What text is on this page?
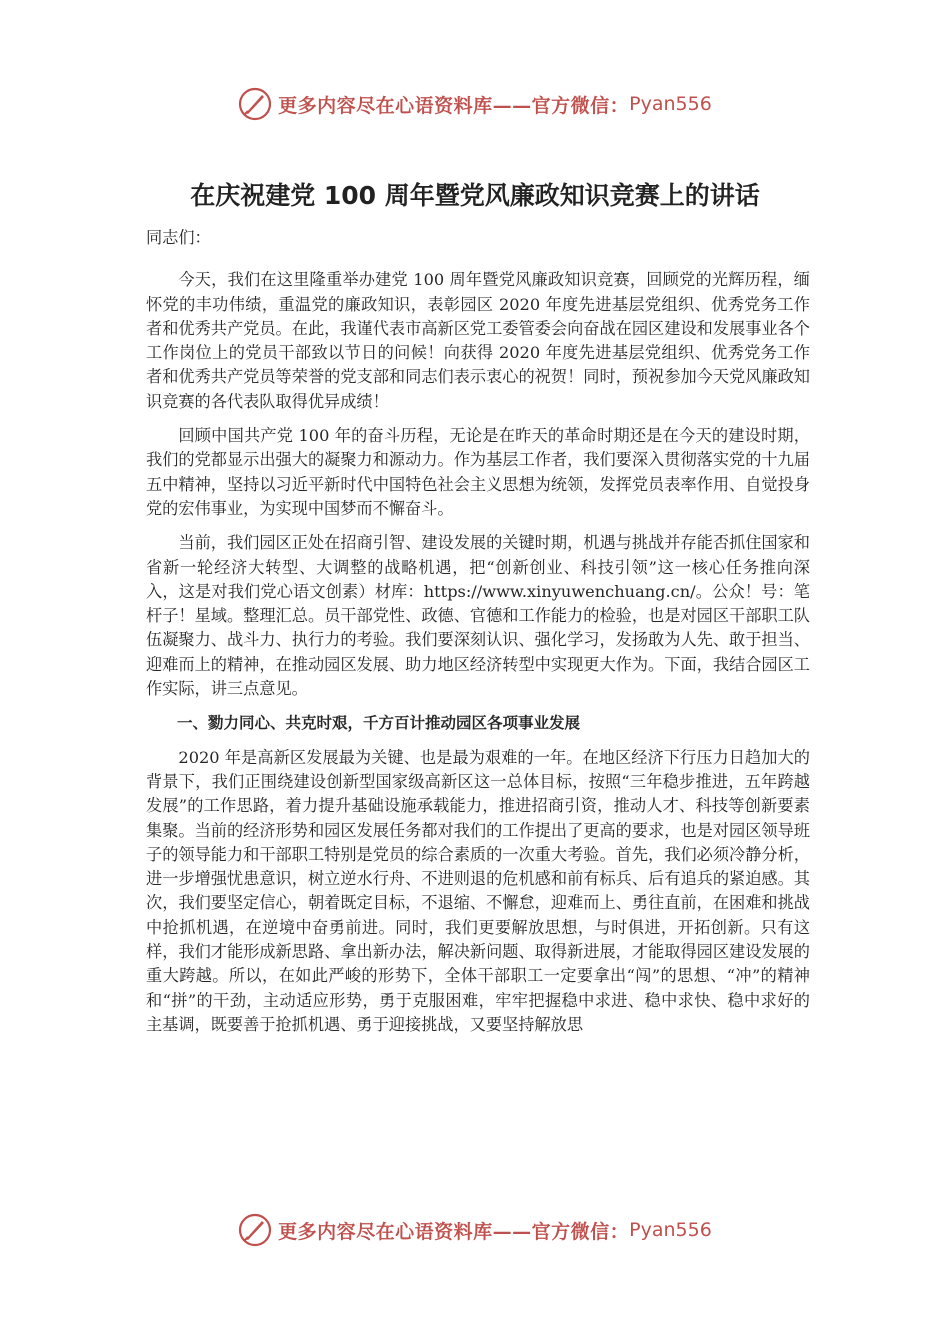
更多内容尽在心语资料库——官方微信： Pyan556
在庆祝建党 100 周年暨党风廉政知识竞赛上的讲话

同志们：

今天，我们在这里隆重举办建党 100 周年暨党风廉政知识竞赛，回顾党的光辉历程，缅怀党的丰功伟绩，重温党的廉政知识，表彰园区 2020 年度先进基层党组织、优秀党务工作者和优秀共产党员。在此，我谨代表市高新区党工委管委会向奋战在园区建设和发展事业各个工作岗位上的党员干部致以节日的问候！向获得 2020 年度先进基层党组织、优秀党务工作者和优秀共产党员等荣誉的党支部和同志们表示衷心的祝贺！同时，预祝参加今天党风廉政知识竞赛的各代表队取得优异成绩！

回顾中国共产党 100 年的奋斗历程，无论是在昨天的革命时期还是在今天的建设时期，我们的党都显示出强大的凝聚力和源动力。作为基层工作者，我们要深入贯彻落实党的十九届五中精神，坚持以习近平新时代中国特色社会主义思想为统领，发挥党员表率作用、自觉投身党的宏伟事业，为实现中国梦而不懈奋斗。

当前，我们园区正处在招商引智、建设发展的关键时期，机遇与挑战并存能否抓住国家和省新一轮经济大转型、大调整的战略机遇，把“创新创业、科技引领”这一核心任务推向深入，这是对我们党心语文创素）材库：https://www.xinyuwenchuang.cn/。公众！号：笔杆子！星域。整理汇总。员干部党性、政德、官德和工作能力的检验，也是对园区干部职工队伍凝聚力、战斗力、执行力的考验。我们要深刻认识、强化学习，发扬敢为人先、敢于担当、迎难而上的精神，在推动园区发展、助力地区经济转型中实现更大作为。下面，我结合园区工作实际，讲三点意见。

一、勠力同心、共克时艰，千方百计推动园区各项事业发展

2020 年是高新区发展最为关键、也是最为艰难的一年。在地区经济下行压力日趋加大的背景下，我们正围绕建设创新型国家级高新区这一总体目标，按照“三年稳步推进，五年跨越发展”的工作思路，着力提升基础设施承载能力，推进招商引资，推动人才、科技等创新要素集聚。当前的经济形势和园区发展任务都对我们的工作提出了更高的要求，也是对园区领导班子的领导能力和干部职工特别是党员的综合素质的一次重大考验。首先，我们必须冷静分析，进一步增强忧患意识，树立逆水行舟、不进则退的危机感和前有标兵、后有追兵的紧迫感。其次，我们要坚定信心，朝着既定目标，不退缩、不懈怠，迎难而上、勇往直前，在困难和挑战中抢抓机遇，在逆境中奋勇前进。同时，我们更要解放思想，与时俱进，开拓创新。只有这样，我们才能形成新思路、拿出新办法，解决新问题、取得新进展，才能取得园区建设发展的重大跨越。所以，在如此严峻的形势下，全体干部职工一定要拿出“闯”的思想、“冲”的精神和“拼”的干劲，主动适应形势，勇于克服困难，牢牢把握稳中求进、稳中求快、稳中求好的主基调，既要善于抢抓机遇、勇于迎接挑战，又要坚持解放思

更多内容尽在心语资料库——官方微信： Pyan556
